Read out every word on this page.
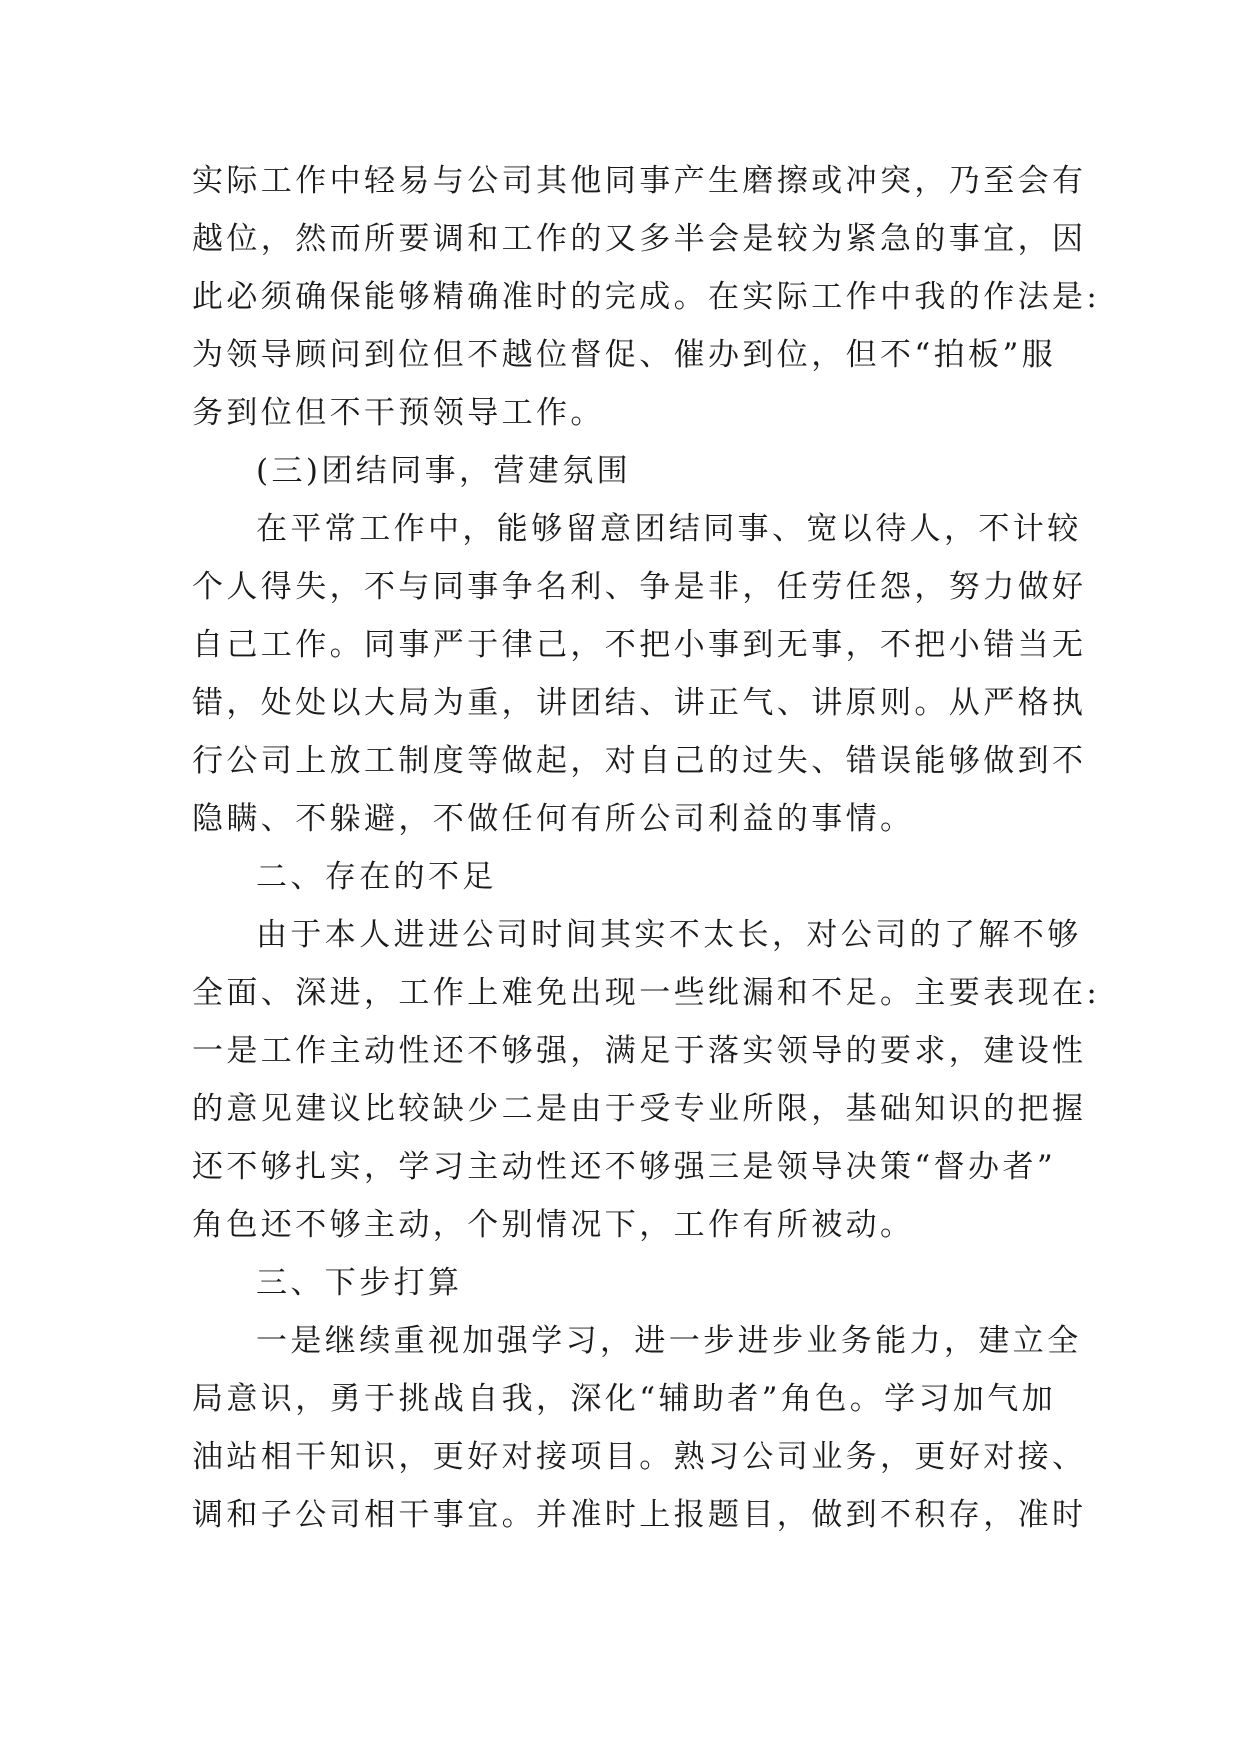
实际工作中轻易与公司其他同事产生磨擦或冲突，乃至会有
越位，然而所要调和工作的又多半会是较为紧急的事宜，因
此必须确保能够精确准时的完成。在实际工作中我的作法是:
为领导顾问到位但不越位督促、催办到位，但不“拍板”服
务到位但不干预领导工作。
(三)团结同事，营建氛围
在平常工作中，能够留意团结同事、宽以待人，不计较
个人得失，不与同事争名利、争是非，任劳任怨，努力做好
自己工作。同事严于律己，不把小事到无事，不把小错当无
错，处处以大局为重，讲团结、讲正气、讲原则。从严格执
行公司上放工制度等做起，对自己的过失、错误能够做到不
隐瞒、不躲避，不做任何有所公司利益的事情。
二、存在的不足
由于本人进进公司时间其实不太长，对公司的了解不够
全面、深进，工作上难免出现一些纰漏和不足。主要表现在:
一是工作主动性还不够强，满足于落实领导的要求，建设性
的意见建议比较缺少二是由于受专业所限，基础知识的把握
还不够扎实，学习主动性还不够强三是领导决策“督办者”
角色还不够主动，个别情况下，工作有所被动。
三、下步打算
一是继续重视加强学习，进一步进步业务能力，建立全
局意识，勇于挑战自我，深化“辅助者”角色。学习加气加
油站相干知识，更好对接项目。熟习公司业务，更好对接、
调和子公司相干事宜。并准时上报题目，做到不积存，准时
